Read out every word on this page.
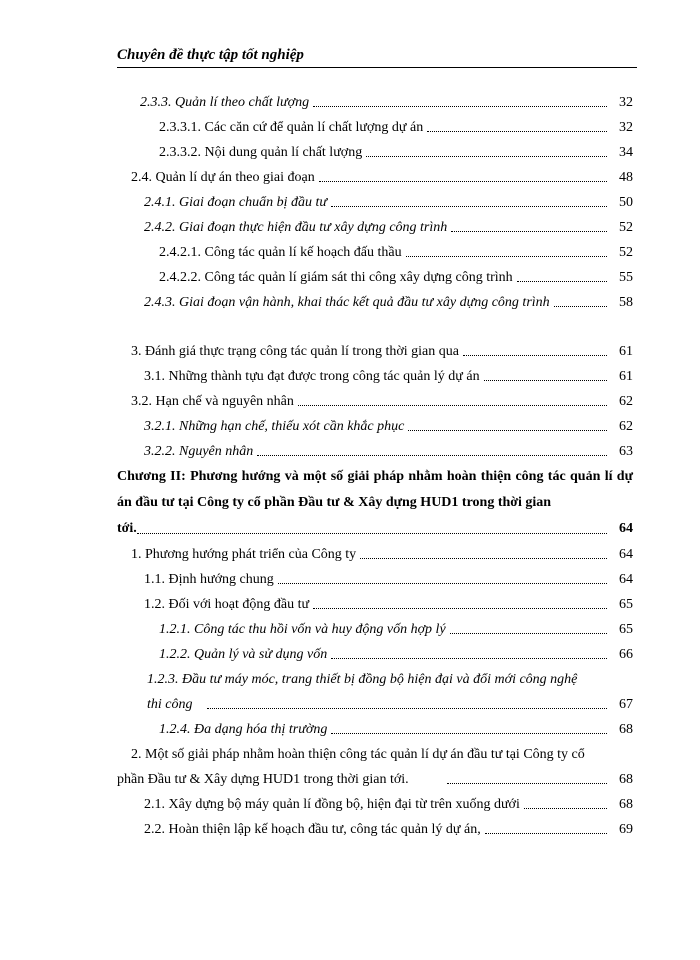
Chuyên đề thực tập tốt nghiệp
2.3.3. Quản lí theo chất lượng	32
2.3.3.1. Các căn cứ để quản lí chất lượng dự án	32
2.3.3.2. Nội dung quản lí chất lượng	34
2.4. Quản lí dự án theo giai đoạn	48
2.4.1. Giai đoạn chuẩn bị đầu tư	50
2.4.2. Giai đoạn thực hiện đầu tư xây dựng công trình	52
2.4.2.1. Công tác quản lí kế hoạch đấu thầu	52
2.4.2.2. Công tác quản lí giám sát thi công xây dựng công trình	55
2.4.3. Giai đoạn vận hành, khai thác kết quả đầu tư xây dựng công trình	58
3. Đánh giá thực trạng công tác quản lí trong thời gian qua	61
3.1. Những thành tựu đạt được trong công tác quản lý dự án	61
3.2. Hạn chế và nguyên nhân	62
3.2.1. Những hạn chế, thiếu xót cần khắc phục	62
3.2.2. Nguyên nhân	63
Chương II: Phương hướng và một số giải pháp nhằm hoàn thiện công tác quản lí dự án đầu tư tại Công ty cổ phần Đầu tư & Xây dựng HUD1 trong thời gian
tới.	64
1. Phương hướng phát triển của Công ty	64
1.1. Định hướng chung	64
1.2. Đối với hoạt động đầu tư	65
1.2.1. Công tác thu hồi vốn và huy động vốn hợp lý	65
1.2.2. Quản lý và sử dụng vốn	66
1.2.3. Đầu tư máy móc, trang thiết bị đồng bộ hiện đại và đổi mới công nghệ
thi công	67
1.2.4. Đa dạng hóa thị trường	68
2. Một số giải pháp nhằm hoàn thiện công tác quản lí dự án đầu tư tại Công ty cổ
phần Đầu tư & Xây dựng HUD1 trong thời gian tới.	68
2.1. Xây dựng bộ máy quản lí đồng bộ, hiện đại từ trên xuống dưới	68
2.2. Hoàn thiện lập kế hoạch đầu tư, công tác quản lý dự án,	69
